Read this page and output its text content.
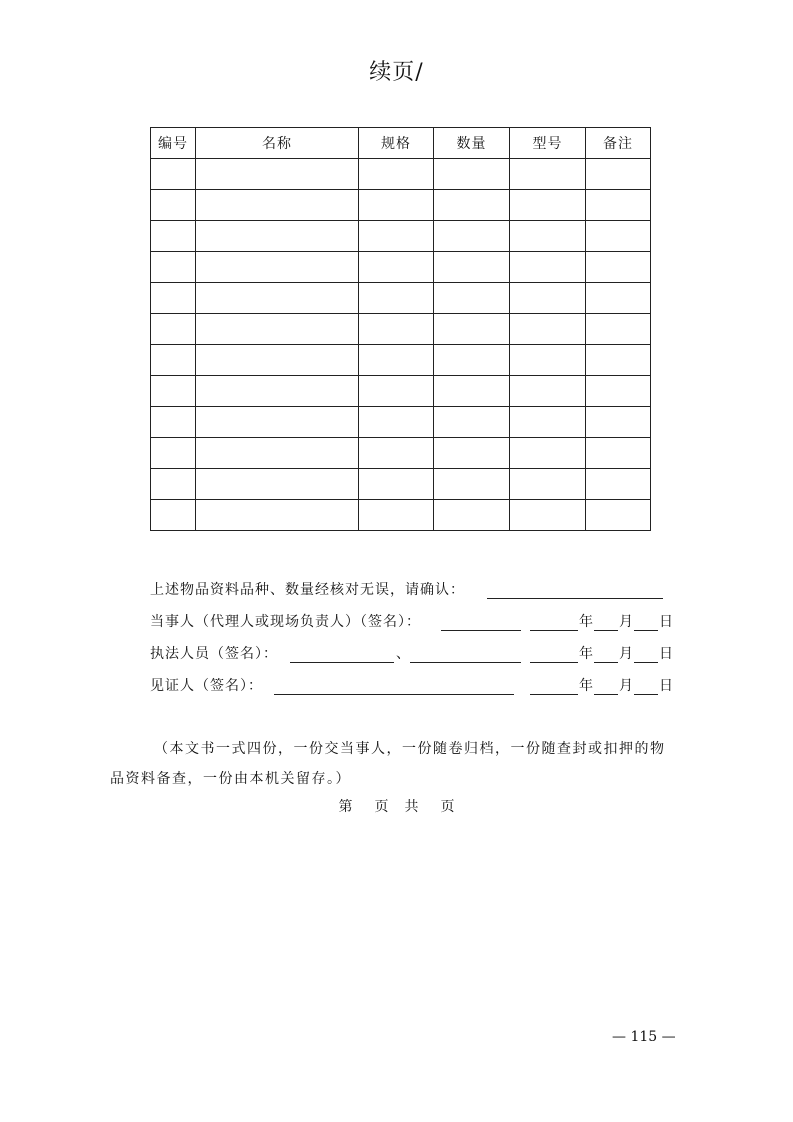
续页/
编号	名称	规格	数量	型号	备注

上述物品资料品种、数量经核对无误，请确认：
当事人（代理人或现场负责人）（签名）：	年 月 日
执法人员（签名）：	、	年 月 日
见证人（签名）：	年 月 日
（本文书一式四份，一份交当事人，一份随卷归档，一份随查封或扣押的物
品资料备查，一份由本机关留存。）
第 页 共 页
— 115 —
